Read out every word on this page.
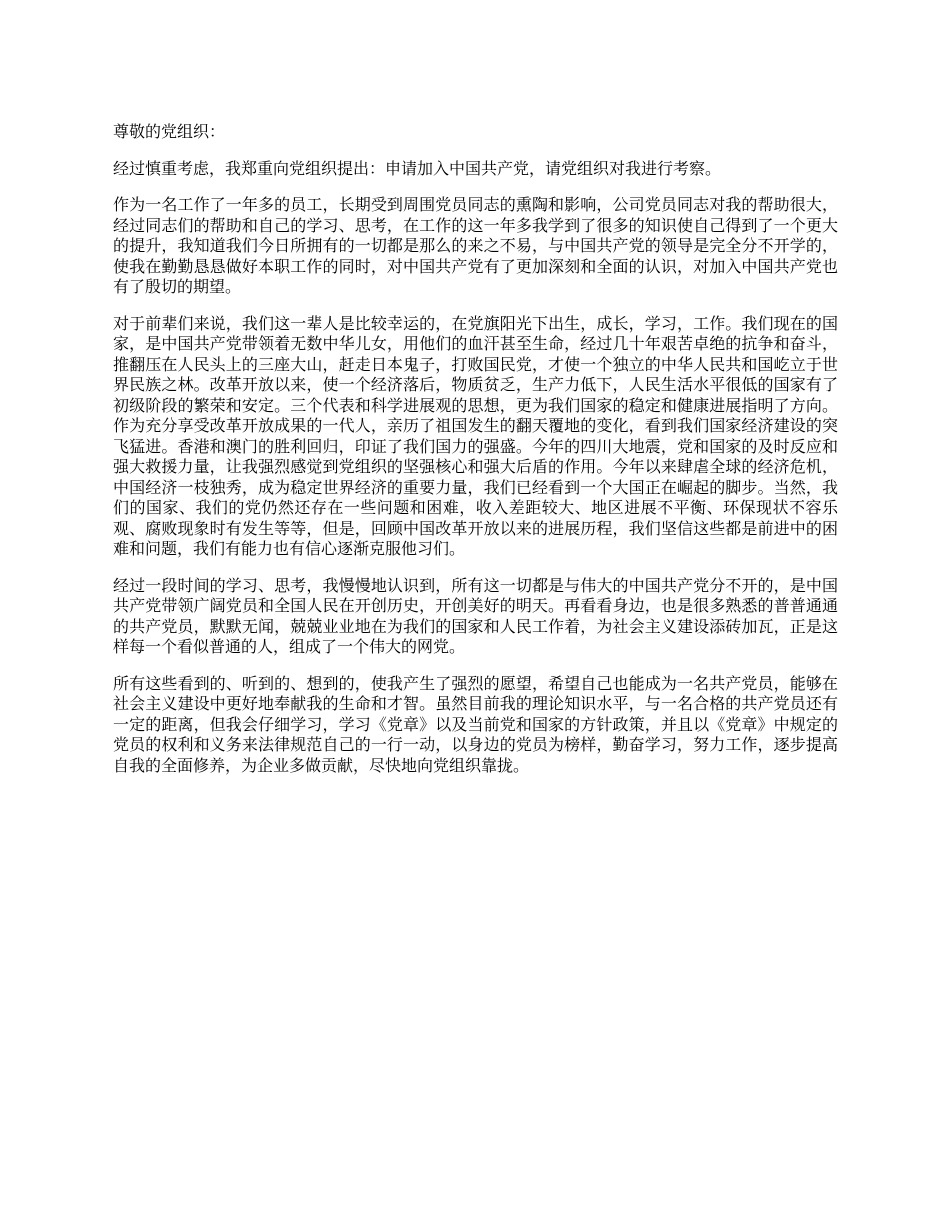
尊敬的党组织：

经过慎重考虑，我郑重向党组织提出：申请加入中国共产党，请党组织对我进行考察。

作为一名工作了一年多的员工，长期受到周围党员同志的熏陶和影响，公司党员同志对我的帮助很大，经过同志们的帮助和自己的学习、思考，在工作的这一年多我学到了很多的知识使自己得到了一个更大的提升，我知道我们今日所拥有的一切都是那么的来之不易，与中国共产党的领导是完全分不开学的，使我在勤勤恳恳做好本职工作的同时，对中国共产党有了更加深刻和全面的认识，对加入中国共产党也有了殷切的期望。

对于前辈们来说，我们这一辈人是比较幸运的，在党旗阳光下出生，成长，学习，工作。我们现在的国家，是中国共产党带领着无数中华儿女，用他们的血汗甚至生命，经过几十年艰苦卓绝的抗争和奋斗，推翻压在人民头上的三座大山，赶走日本鬼子，打败国民党，才使一个独立的中华人民共和国屹立于世界民族之林。改革开放以来，使一个经济落后，物质贫乏，生产力低下，人民生活水平很低的国家有了初级阶段的繁荣和安定。三个代表和科学进展观的思想，更为我们国家的稳定和健康进展指明了方向。作为充分享受改革开放成果的一代人，亲历了祖国发生的翻天覆地的变化，看到我们国家经济建设的突飞猛进。香港和澳门的胜利回归，印证了我们国力的强盛。今年的四川大地震，党和国家的及时反应和强大救援力量，让我强烈感觉到党组织的坚强核心和强大后盾的作用。今年以来肆虐全球的经济危机，中国经济一枝独秀，成为稳定世界经济的重要力量，我们已经看到一个大国正在崛起的脚步。当然，我们的国家、我们的党仍然还存在一些问题和困难，收入差距较大、地区进展不平衡、环保现状不容乐观、腐败现象时有发生等等，但是，回顾中国改革开放以来的进展历程，我们坚信这些都是前进中的困难和问题，我们有能力也有信心逐渐克服他习们。

经过一段时间的学习、思考，我慢慢地认识到，所有这一切都是与伟大的中国共产党分不开的，是中国共产党带领广阔党员和全国人民在开创历史，开创美好的明天。再看看身边，也是很多熟悉的普普通通的共产党员，默默无闻，兢兢业业地在为我们的国家和人民工作着，为社会主义建设添砖加瓦，正是这样每一个看似普通的人，组成了一个伟大的网党。

所有这些看到的、听到的、想到的，使我产生了强烈的愿望，希望自己也能成为一名共产党员，能够在社会主义建设中更好地奉献我的生命和才智。虽然目前我的理论知识水平，与一名合格的共产党员还有一定的距离，但我会仔细学习，学习《党章》以及当前党和国家的方针政策，并且以《党章》中规定的党员的权利和义务来法律规范自己的一行一动，以身边的党员为榜样，勤奋学习，努力工作，逐步提高自我的全面修养，为企业多做贡献，尽快地向党组织靠拢。
